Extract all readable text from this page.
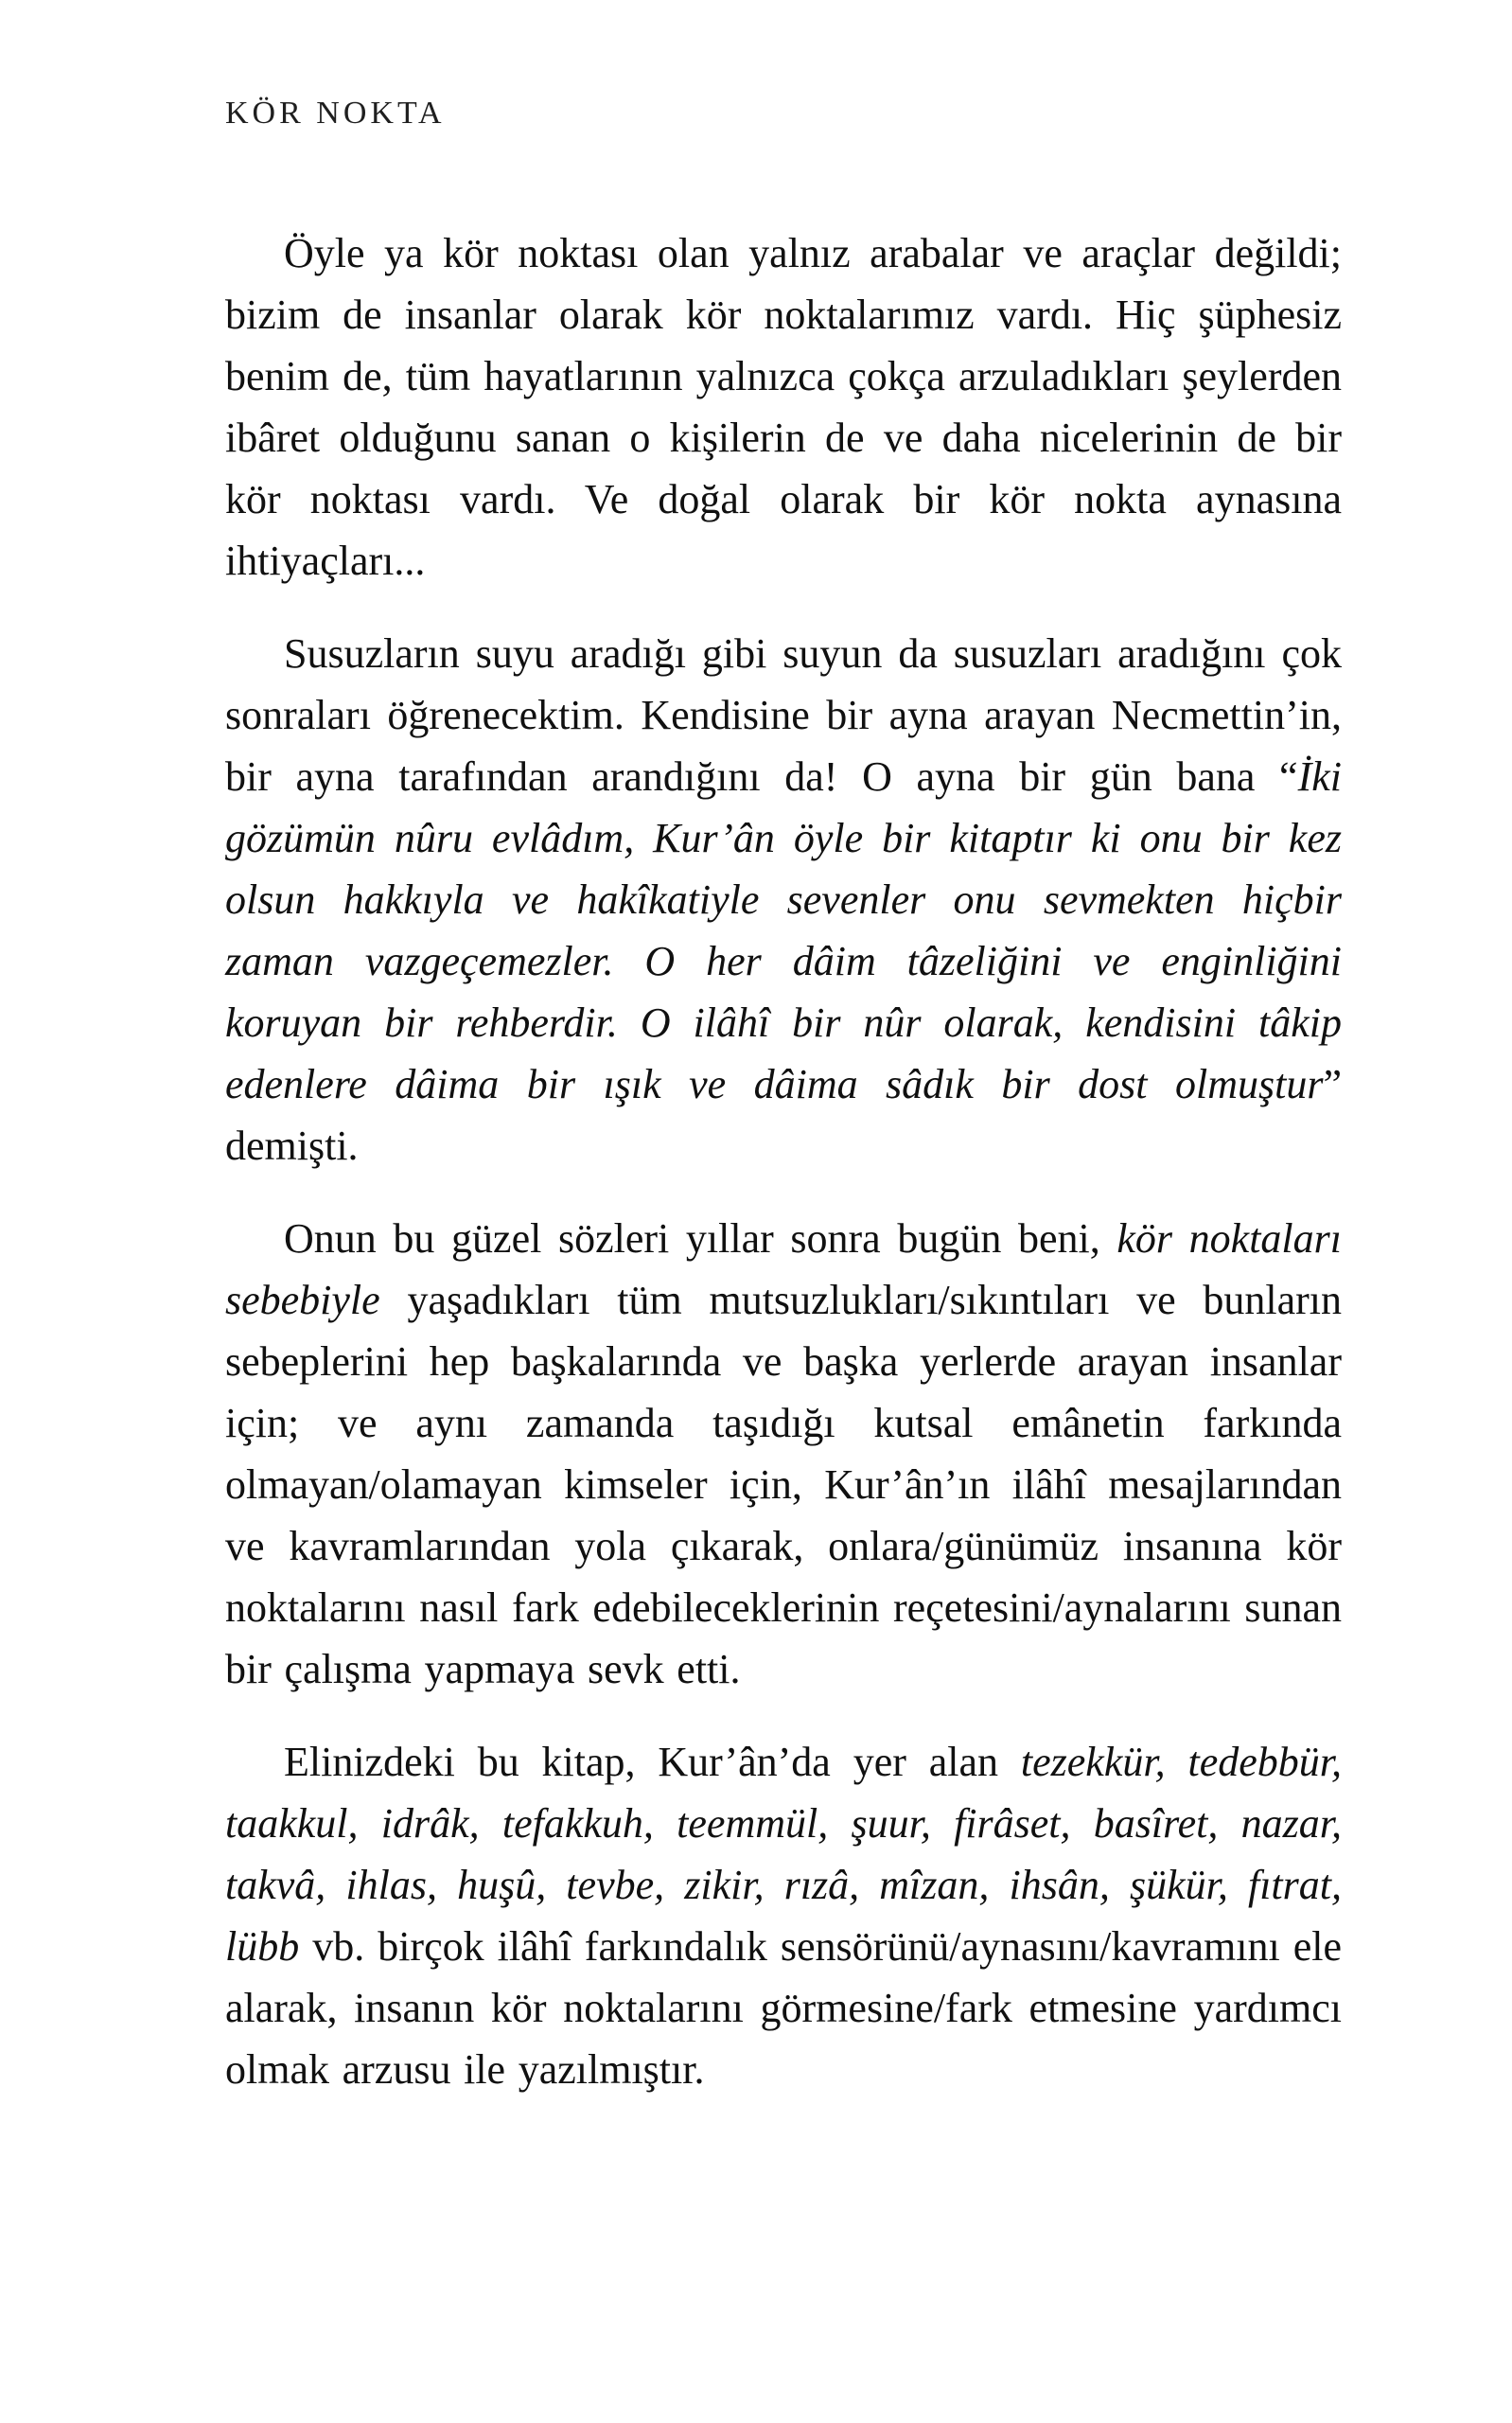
KÖR NOKTA

Öyle ya kör noktası olan yalnız arabalar ve araçlar değildi; bizim de insanlar olarak kör noktalarımız vardı. Hiç şüphesiz benim de, tüm hayatlarının yalnızca çokça arzuladıkları şeylerden ibâret olduğunu sanan o kişilerin de ve daha nicelerinin de bir kör noktası vardı. Ve doğal olarak bir kör nokta aynasına ihtiyaçları...

Susuzların suyu aradığı gibi suyun da susuzları aradığını çok sonraları öğrenecektim. Kendisine bir ayna arayan Necmettin’in, bir ayna tarafından arandığını da! O ayna bir gün bana “İki gözümün nûru evlâdım, Kur’ân öyle bir kitaptır ki onu bir kez olsun hakkıyla ve hakîkatiyle sevenler onu sevmekten hiçbir zaman vazgeçemezler. O her dâim tâzeliğini ve enginliğini koruyan bir rehberdir. O ilâhî bir nûr olarak, kendisini tâkip edenlere dâima bir ışık ve dâima sâdık bir dost olmuştur” demişti.

Onun bu güzel sözleri yıllar sonra bugün beni, kör noktaları sebebiyle yaşadıkları tüm mutsuzlukları/sıkıntıları ve bunların sebeplerini hep başkalarında ve başka yerlerde arayan insanlar için; ve aynı zamanda taşıdığı kutsal emânetin farkında olmayan/olamayan kimseler için, Kur’ân’ın ilâhî mesajlarından ve kavramlarından yola çıkarak, onlara/günümüz insanına kör noktalarını nasıl fark edebileceklerinin reçetesini/aynalarını sunan bir çalışma yapmaya sevk etti.

Elinizdeki bu kitap, Kur’ân’da yer alan tezekkür, tedebbür, taakkul, idrâk, tefakkuh, teemmül, şuur, firâset, basîret, nazar, takvâ, ihlas, huşû, tevbe, zikir, rızâ, mîzan, ihsân, şükür, fıtrat, lübb vb. birçok ilâhî farkındalık sensörünü/aynasını/kavramını ele alarak, insanın kör noktalarını görmesine/fark etmesine yardımcı olmak arzusu ile yazılmıştır.
